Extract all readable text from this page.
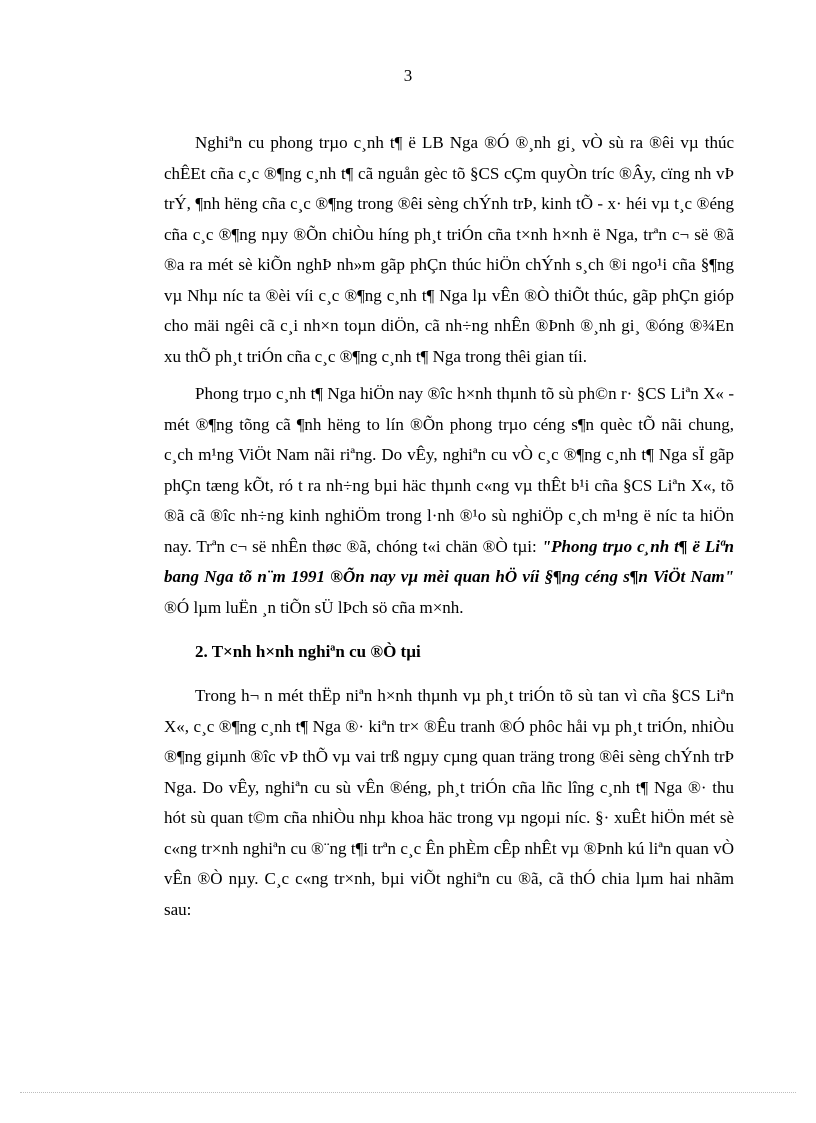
3

Nghiªn cu phong trµo c¸nh t¶ ë LB Nga ®Ó ®¸nh gi¸ vÒ sù ra ®êi vµ thúc chÊEt cña c¸c ®¶ng c¸nh t¶ cã nguån gèc tõ §CS cÇm quyÒn tríc ®Ây, cïng nh vÞ trÝ, ¶nh hëng cña c¸c ®¶ng trong ®êi sèng chÝnh trÞ, kinh tÕ - x· héi vµ t¸c ®éng cña c¸c ®¶ng nµy ®Õn chiÒu híng ph¸t triÓn cña t×nh h×nh ë Nga, trªn c¬ së ®ã ®a ra mét sè kiÕn nghÞ nh»m gãp phÇn thúc hiÖn chÝnh s¸ch ®i ngo¹i cña §¶ng vµ Nhµ níc ta ®èi víi c¸c ®¶ng c¸nh t¶ Nga lµ vÊn ®Ò thiÕt thúc, gãp phÇn gióp cho mäi ngêi cã c¸i nh×n toµn diÖn, cã nh÷ng nhÊn ®Þnh ®¸nh gi¸ ®óng ®¾En xu thÕ ph¸t triÓn cña c¸c ®¶ng c¸nh t¶ Nga trong thêi gian tíi.

Phong trµo c¸nh t¶ Nga hiÖn nay ®îc h×nh thµnh tõ sù ph©n r· §CS Liªn X« - mét ®¶ng tõng cã ¶nh hëng to lín ®Õn phong trµo céng s¶n quèc tÕ nãi chung, c¸ch m¹ng ViÖt Nam nãi riªng. Do vÊy, nghiªn cu vÒ c¸c ®¶ng c¸nh t¶ Nga sÏ gãp phÇn tæng kÕt, ró t ra nh÷ng bµi häc thµnh c«ng vµ thÊt b¹i cña §CS Liªn X«, tõ ®ã cã ®îc nh÷ng kinh nghiÖm trong l·nh ®¹o sù nghiÖp c¸ch m¹ng ë níc ta hiÖn nay. Trªn c¬ së nhÊn thøc ®ã, chóng t«i chän ®Ò tµi: "Phong trµo c¸nh t¶ ë Liªn bang Nga tõ n¨m 1991 ®Õn nay vµ mèi quan hÖ víi §¶ng céng s¶n ViÖt Nam" ®Ó lµm luËn ¸n tiÕn sÜ lÞch sö cña m×nh.

2. T×nh h×nh nghiªn cu ®Ò tµi

Trong h¬ n mét thËp niªn h×nh thµnh vµ ph¸t triÓn tõ sù tan vì cña §CS Liªn X«, c¸c ®¶ng c¸nh t¶ Nga ®· kiªn tr× ®Êu tranh ®Ó phôc håi vµ ph¸t triÓn, nhiÒu ®¶ng giµnh ®îc vÞ thÕ vµ vai trß ngµy cµng quan träng trong ®êi sèng chÝnh trÞ Nga. Do vÊy, nghiªn cu sù vÊn ®éng, ph¸t triÓn cña lñc lîng c¸nh t¶ Nga ®· thu hót sù quan t©m cña nhiÒu nhµ khoa häc trong vµ ngoµi níc. §· xuÊt hiÖn mét sè c«ng tr×nh nghiªn cu ®¨ng t¶i trªn c¸c Ên phÈm cÊp nhÊt vµ ®Þnh kú liªn quan vÒ vÊn ®Ò nµy. C¸c c«ng tr×nh, bµi viÕt nghiªn cu ®ã, cã thÓ chia lµm hai nhãm sau:
